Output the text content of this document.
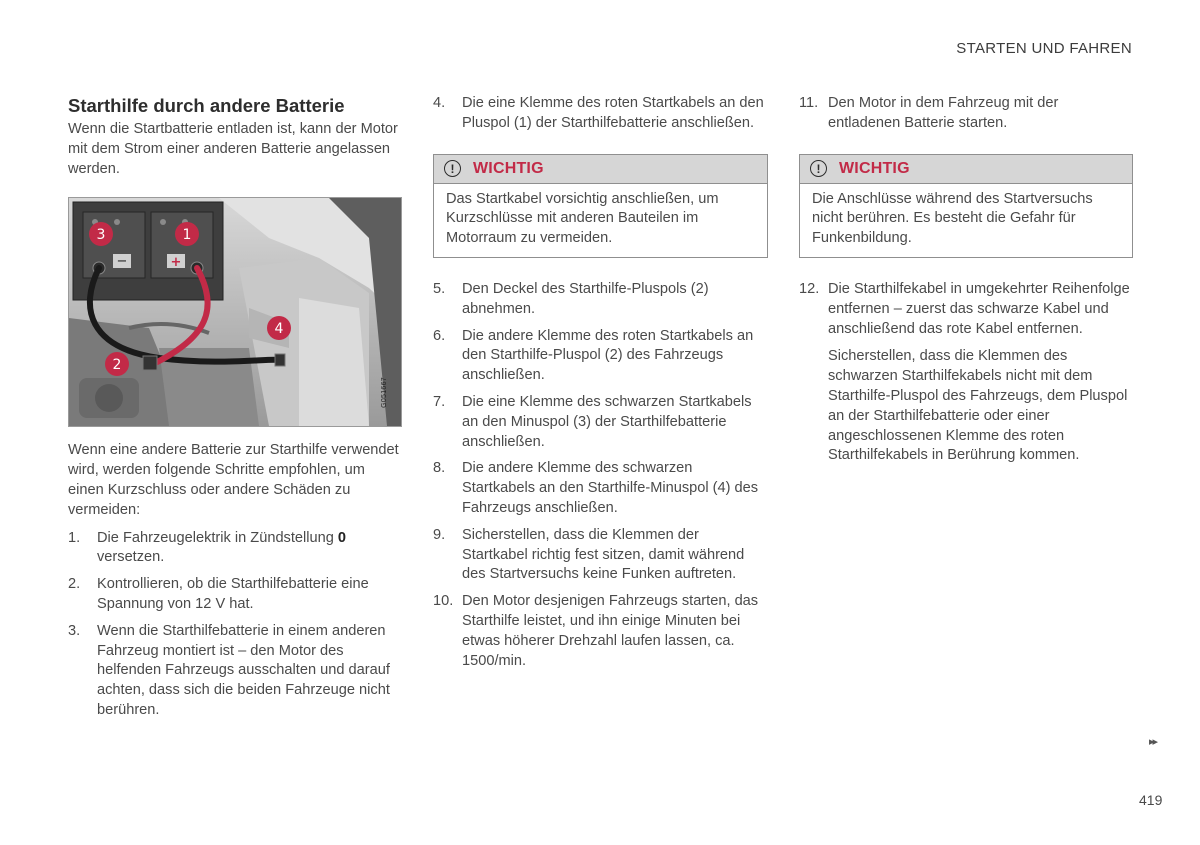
STARTEN UND FAHREN
Starthilfe durch andere Batterie

Wenn die Startbatterie entladen ist, kann der Motor mit dem Strom einer anderen Batterie angelassen werden.

−	+
3	1
4
2
G051667

Wenn eine andere Batterie zur Starthilfe verwendet wird, werden folgende Schritte empfohlen, um einen Kurzschluss oder andere Schäden zu vermeiden:

1.	Die Fahrzeugelektrik in Zündstellung 0 versetzen.
2.	Kontrollieren, ob die Starthilfebatterie eine Spannung von 12 V hat.
3.	Wenn die Starthilfebatterie in einem anderen Fahrzeug montiert ist – den Motor des helfenden Fahrzeugs ausschalten und darauf achten, dass sich die beiden Fahrzeuge nicht berühren.
4.	Die eine Klemme des roten Startkabels an den Pluspol (1) der Starthilfebatterie anschließen.
!	WICHTIG
Das Startkabel vorsichtig anschließen, um Kurzschlüsse mit anderen Bauteilen im Motorraum zu vermeiden.
5.	Den Deckel des Starthilfe-Pluspols (2) abnehmen.
6.	Die andere Klemme des roten Startkabels an den Starthilfe-Pluspol (2) des Fahrzeugs anschließen.
7.	Die eine Klemme des schwarzen Startkabels an den Minuspol (3) der Starthilfebatterie anschließen.
8.	Die andere Klemme des schwarzen Startkabels an den Starthilfe-Minuspol (4) des Fahrzeugs anschließen.
9.	Sicherstellen, dass die Klemmen der Startkabel richtig fest sitzen, damit während des Startversuchs keine Funken auftreten.
10. Den Motor desjenigen Fahrzeugs starten, das Starthilfe leistet, und ihn einige Minuten bei etwas höherer Drehzahl laufen lassen, ca. 1500/min.
11. Den Motor in dem Fahrzeug mit der entladenen Batterie starten.
!	WICHTIG
Die Anschlüsse während des Startversuchs nicht berühren. Es besteht die Gefahr für Funkenbildung.
12. Die Starthilfekabel in umgekehrter Reihenfolge entfernen – zuerst das schwarze Kabel und anschließend das rote Kabel entfernen.

Sicherstellen, dass die Klemmen des schwarzen Starthilfekabels nicht mit dem Starthilfe-Pluspol des Fahrzeugs, dem Pluspol an der Starthilfebatterie oder einer angeschlossenen Klemme des roten Starthilfekabels in Berührung kommen.

▸▸
419
